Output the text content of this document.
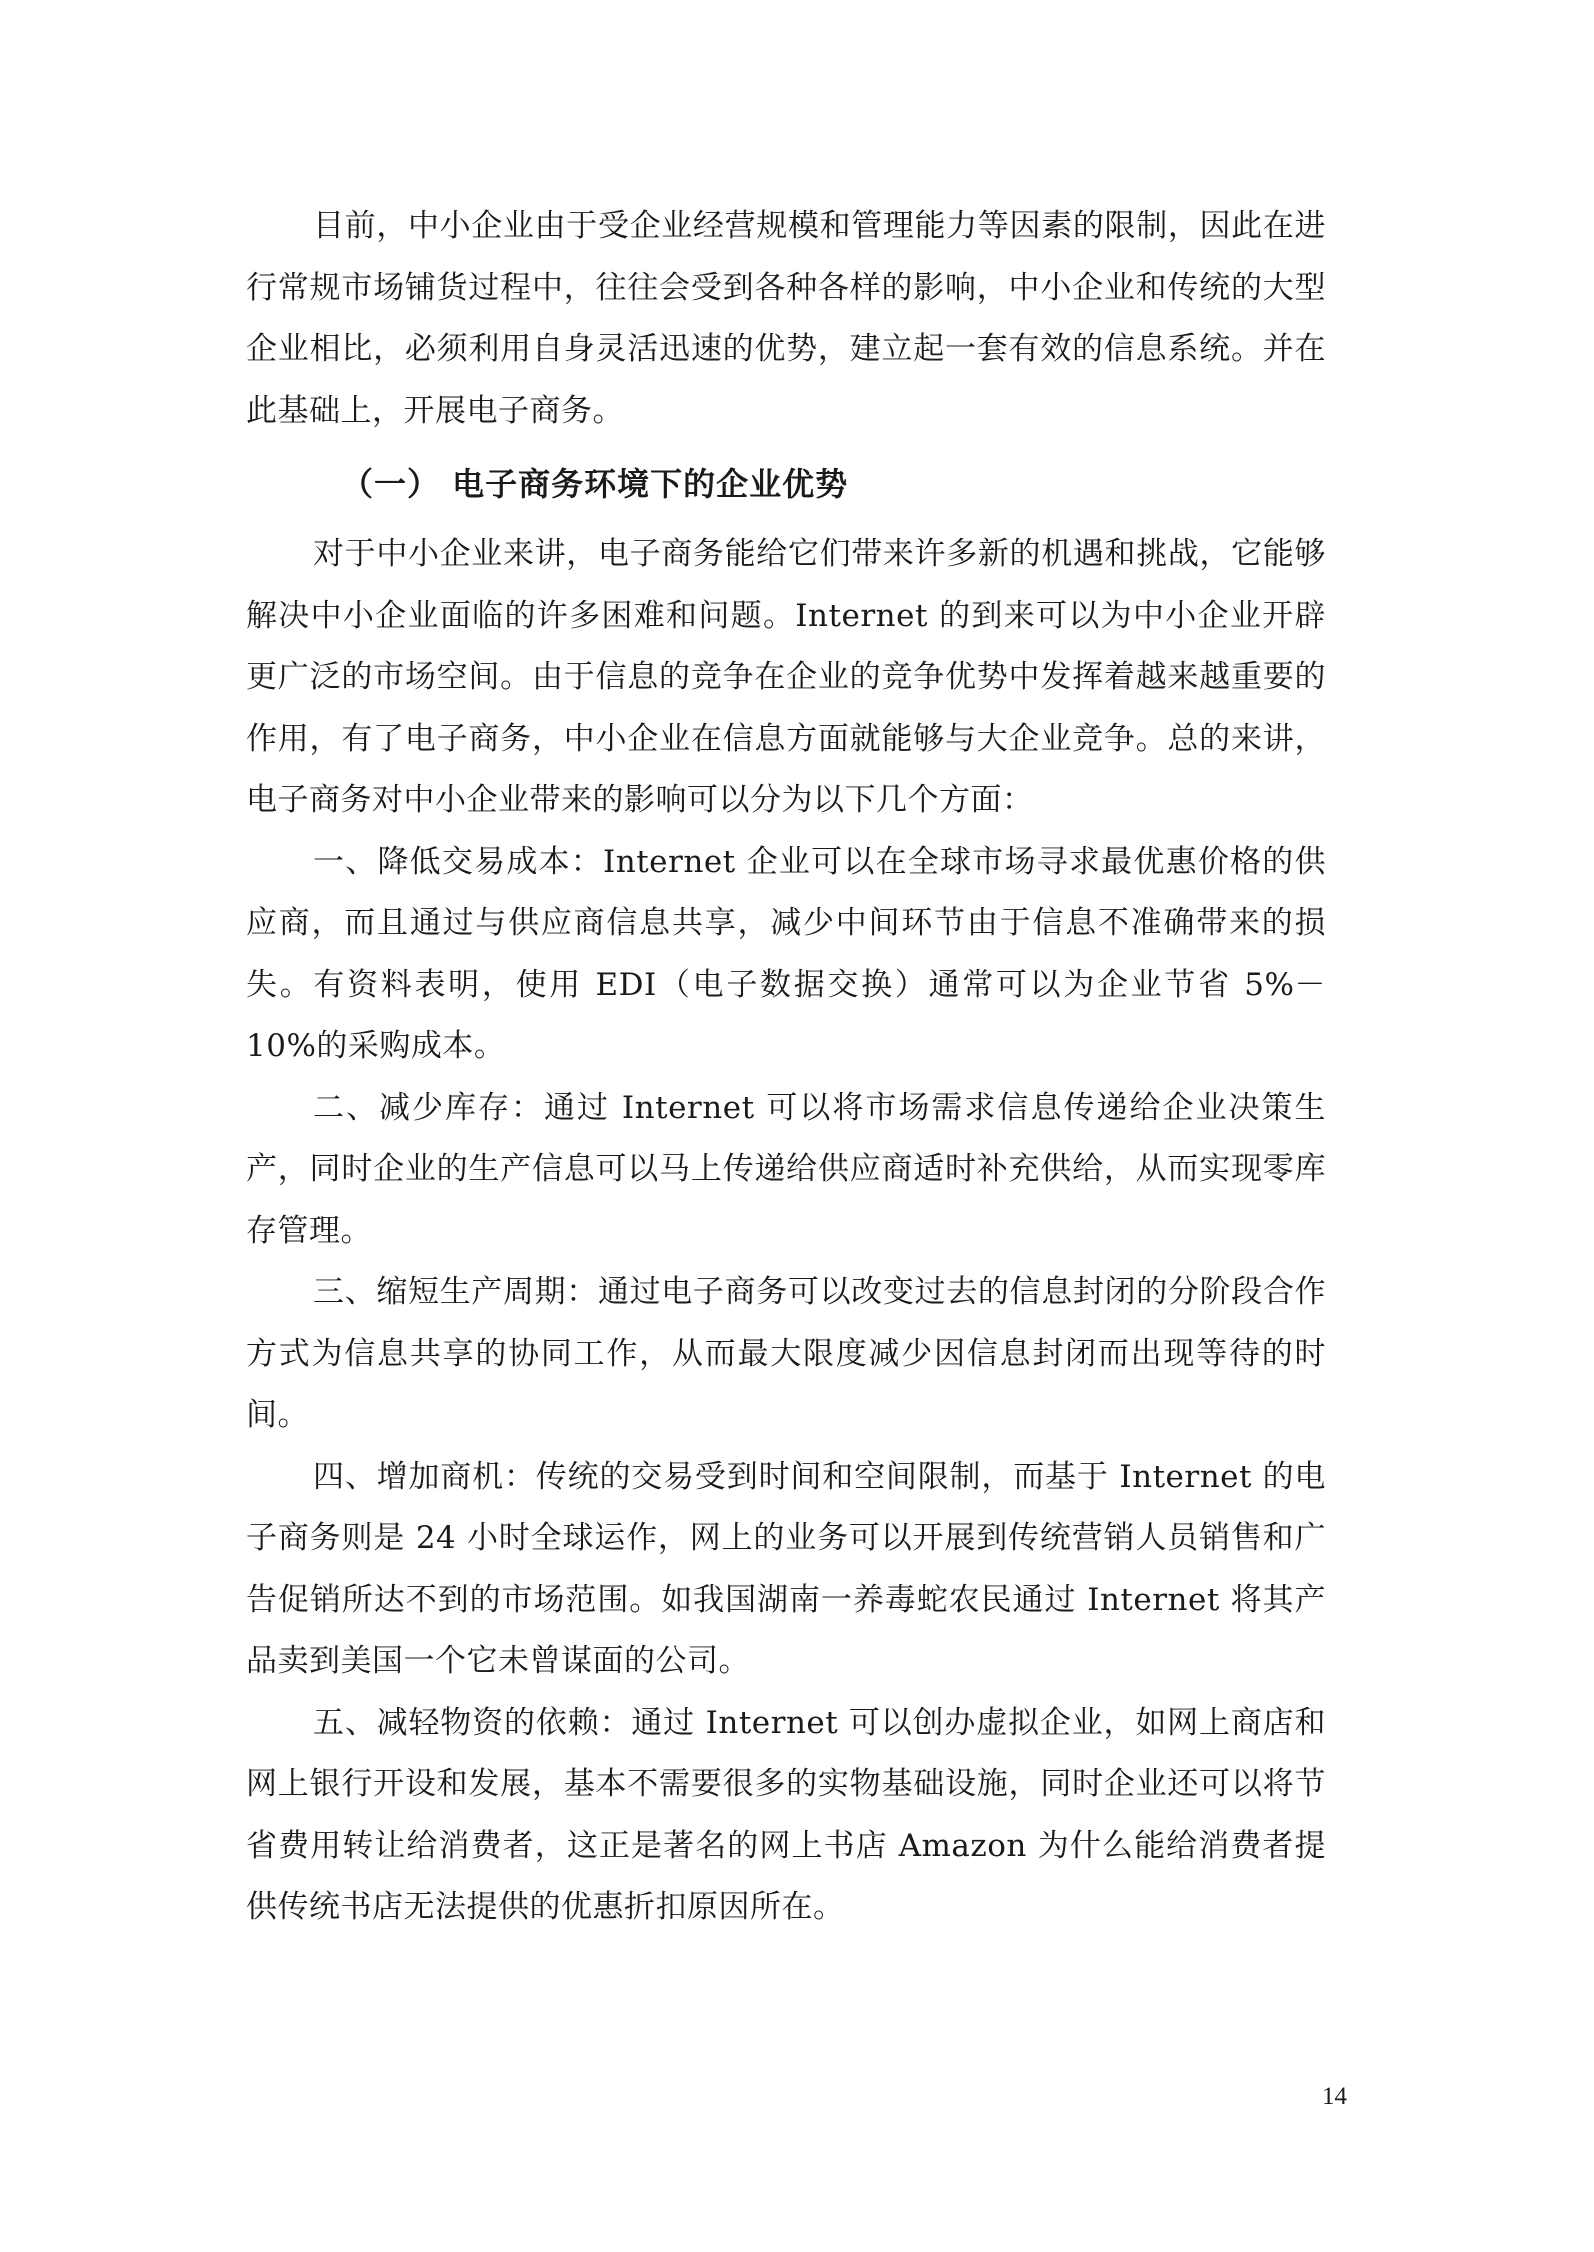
目前，中小企业由于受企业经营规模和管理能力等因素的限制，因此在进行常规市场铺货过程中，往往会受到各种各样的影响，中小企业和传统的大型企业相比，必须利用自身灵活迅速的优势，建立起一套有效的信息系统。并在此基础上，开展电子商务。

（一） 电子商务环境下的企业优势

对于中小企业来讲，电子商务能给它们带来许多新的机遇和挑战，它能够解决中小企业面临的许多困难和问题。Internet 的到来可以为中小企业开辟更广泛的市场空间。由于信息的竞争在企业的竞争优势中发挥着越来越重要的作用，有了电子商务，中小企业在信息方面就能够与大企业竞争。总的来讲，电子商务对中小企业带来的影响可以分为以下几个方面：

一、降低交易成本：Internet 企业可以在全球市场寻求最优惠价格的供应商，而且通过与供应商信息共享，减少中间环节由于信息不准确带来的损失。有资料表明，使用 EDI（电子数据交换）通常可以为企业节省 5%－10%的采购成本。

二、减少库存：通过 Internet 可以将市场需求信息传递给企业决策生产，同时企业的生产信息可以马上传递给供应商适时补充供给，从而实现零库存管理。

三、缩短生产周期：通过电子商务可以改变过去的信息封闭的分阶段合作方式为信息共享的协同工作，从而最大限度减少因信息封闭而出现等待的时间。

四、增加商机：传统的交易受到时间和空间限制，而基于 Internet 的电子商务则是 24 小时全球运作，网上的业务可以开展到传统营销人员销售和广告促销所达不到的市场范围。如我国湖南一养毒蛇农民通过 Internet 将其产品卖到美国一个它未曾谋面的公司。

五、减轻物资的依赖：通过 Internet 可以创办虚拟企业，如网上商店和网上银行开设和发展，基本不需要很多的实物基础设施，同时企业还可以将节省费用转让给消费者，这正是著名的网上书店 Amazon 为什么能给消费者提供传统书店无法提供的优惠折扣原因所在。

14
